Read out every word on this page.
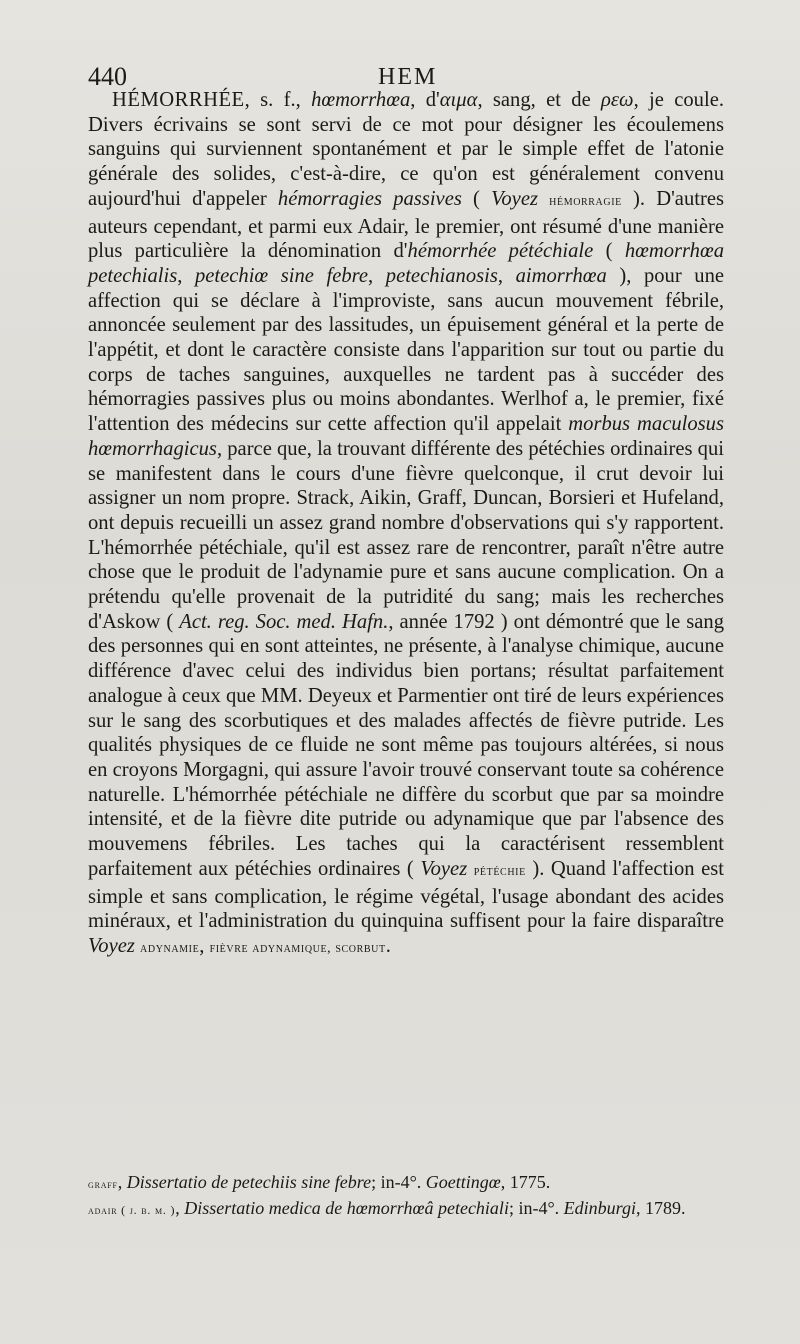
440	HEM

HÉMORRHÉE, s. f., hœmorrhœa, d'αιμα, sang, et de ρεω, je coule. Divers écrivains se sont servi de ce mot pour désigner les écoulemens sanguins qui surviennent spontanément et par le simple effet de l'atonie générale des solides, c'est-à-dire, ce qu'on est généralement convenu aujourd'hui d'appeler hémorragies passives ( Voyez hémorragie ). D'autres auteurs cependant, et parmi eux Adair, le premier, ont résumé d'une manière plus particulière la dénomination d'hémorrhée pétéchiale ( hœmorrhœa petechialis, petechiœ sine febre, petechianosis, aimorrhœa ), pour une affection qui se déclare à l'improviste, sans aucun mouvement fébrile, annoncée seulement par des lassitudes, un épuisement général et la perte de l'appétit, et dont le caractère consiste dans l'apparition sur tout ou partie du corps de taches sanguines, auxquelles ne tardent pas à succéder des hémorragies passives plus ou moins abondantes. Werlhof a, le premier, fixé l'attention des médecins sur cette affection qu'il appelait morbus maculosus hœmorrhagicus, parce que, la trouvant différente des pétéchies ordinaires qui se manifestent dans le cours d'une fièvre quelconque, il crut devoir lui assigner un nom propre. Strack, Aikin, Graff, Duncan, Borsieri et Hufeland, ont depuis recueilli un assez grand nombre d'observations qui s'y rapportent. L'hémorrhée pétéchiale, qu'il est assez rare de rencontrer, paraît n'être autre chose que le produit de l'adynamie pure et sans aucune complication. On a prétendu qu'elle provenait de la putridité du sang; mais les recherches d'Askow ( Act. reg. Soc. med. Hafn., année 1792 ) ont démontré que le sang des personnes qui en sont atteintes, ne présente, à l'analyse chimique, aucune différence d'avec celui des individus bien portans; résultat parfaitement analogue à ceux que MM. Deyeux et Parmentier ont tiré de leurs expériences sur le sang des scorbutiques et des malades affectés de fièvre putride. Les qualités physiques de ce fluide ne sont même pas toujours altérées, si nous en croyons Morgagni, qui assure l'avoir trouvé conservant toute sa cohérence naturelle. L'hémorrhée pétéchiale ne diffère du scorbut que par sa moindre intensité, et de la fièvre dite putride ou adynamique que par l'absence des mouvemens fébriles. Les taches qui la caractérisent ressemblent parfaitement aux pétéchies ordinaires ( Voyez pétéchie ). Quand l'affection est simple et sans complication, le régime végétal, l'usage abondant des acides minéraux, et l'administration du quinquina suffisent pour la faire disparaître Voyez adynamie, fièvre adynamique, scorbut.

graff, Dissertatio de petechiis sine febre; in-4°. Goettingœ, 1775.

adair ( j. b. m. ), Dissertatio medica de hœmorrhœâ petechiali; in-4°. Edinburgi, 1789.
